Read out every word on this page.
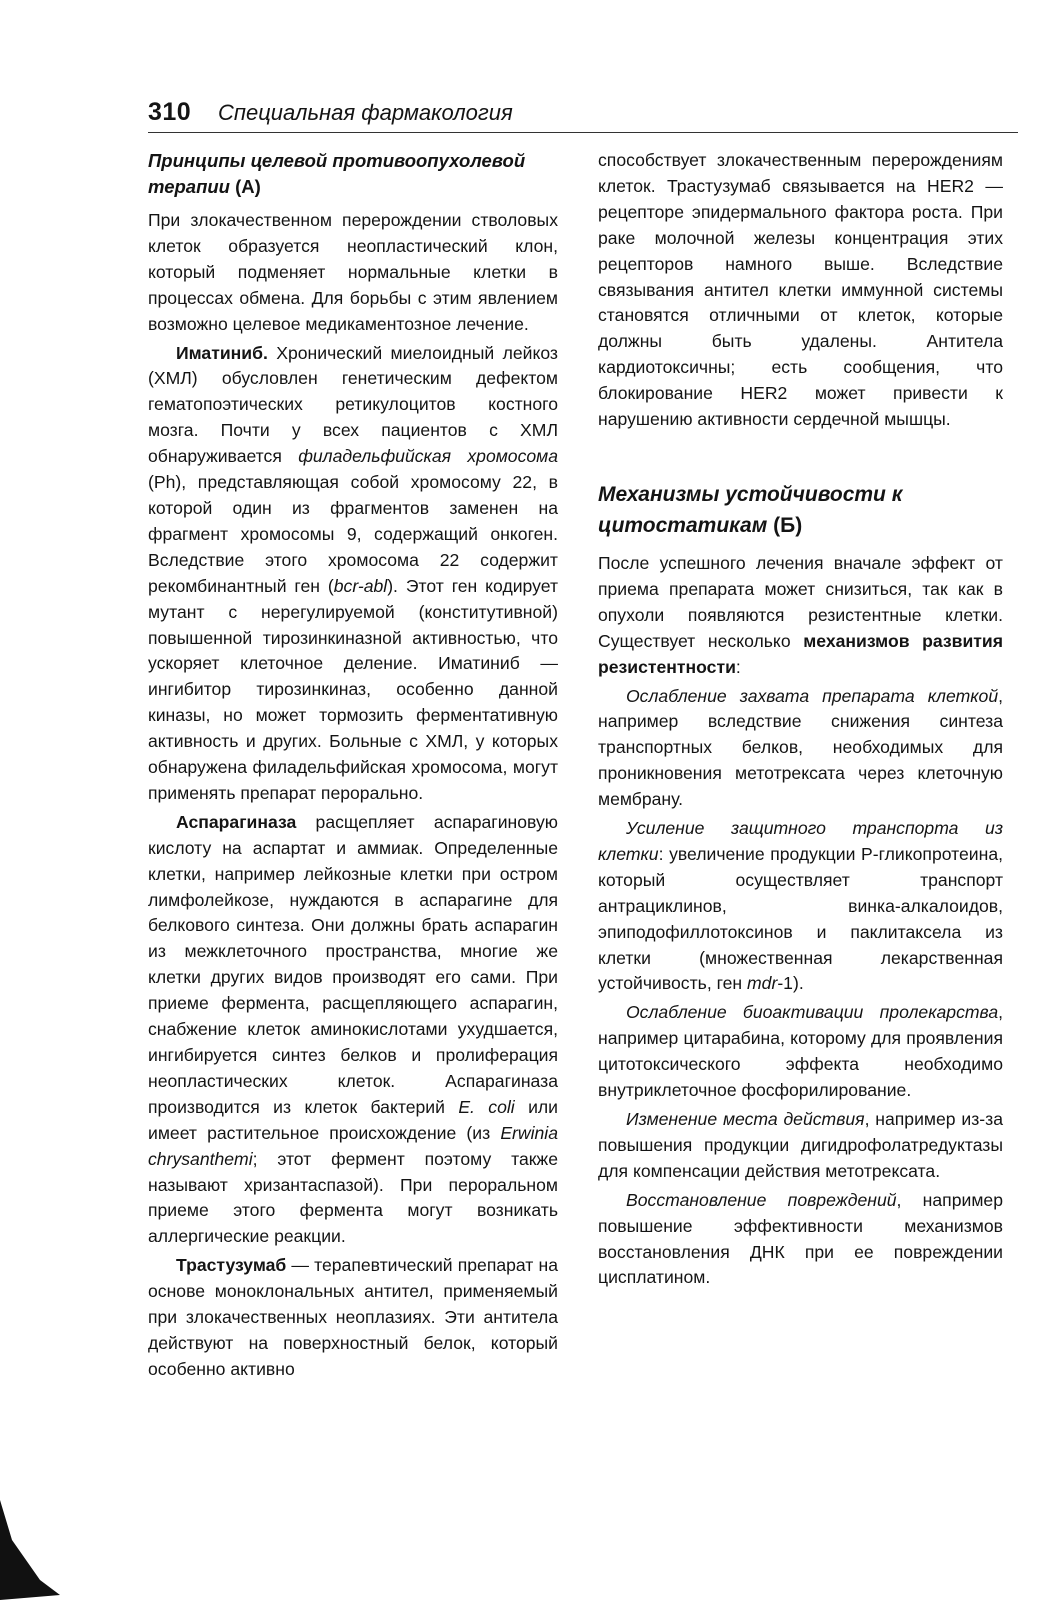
310 Специальная фармакология
Принципы целевой противоопухолевой терапии (А)

При злокачественном перерождении стволовых клеток образуется неопластический клон, который подменяет нормальные клетки в процессах обмена. Для борьбы с этим явлением возможно целевое медикаментозное лечение.

Иматиниб. Хронический миелоидный лейкоз (ХМЛ) обусловлен генетическим дефектом гематопоэтических ретикулоцитов костного мозга. Почти у всех пациентов с ХМЛ обнаруживается филадельфийская хромосома (Ph), представляющая собой хромосому 22, в которой один из фрагментов заменен на фрагмент хромосомы 9, содержащий онкоген. Вследствие этого хромосома 22 содержит рекомбинантный ген (bcr-abl). Этот ген кодирует мутант с нерегулируемой (конститутивной) повышенной тирозинкиназной активностью, что ускоряет клеточное деление. Иматиниб — ингибитор тирозинкиназ, особенно данной киназы, но может тормозить ферментативную активность и других. Больные с ХМЛ, у которых обнаружена филадельфийская хромосома, могут применять препарат перорально.

Аспарагиназа расщепляет аспарагиновую кислоту на аспартат и аммиак. Определенные клетки, например лейкозные клетки при остром лимфолейкозе, нуждаются в аспарагине для белкового синтеза. Они должны брать аспарагин из межклеточного пространства, многие же клетки других видов производят его сами. При приеме фермента, расщепляющего аспарагин, снабжение клеток аминокислотами ухудшается, ингибируется синтез белков и пролиферация неопластических клеток. Аспарагиназа производится из клеток бактерий E. coli или имеет растительное происхождение (из Erwinia chrysanthemi; этот фермент поэтому также называют хризантаспазой). При пероральном приеме этого фермента могут возникать аллергические реакции.

Трастузумаб — терапевтический препарат на основе моноклональных антител, применяемый при злокачественных неоплазиях. Эти антитела действуют на поверхностный белок, который особенно активно

способствует злокачественным перерождениям клеток. Трастузумаб связывается на HER2 — рецепторе эпидермального фактора роста. При раке молочной железы концентрация этих рецепторов намного выше. Вследствие связывания антител клетки иммунной системы становятся отличными от клеток, которые должны быть удалены. Антитела кардиотоксичны; есть сообщения, что блокирование HER2 может привести к нарушению активности сердечной мышцы.

Механизмы устойчивости к цитостатикам (Б)

После успешного лечения вначале эффект от приема препарата может снизиться, так как в опухоли появляются резистентные клетки. Существует несколько механизмов развития резистентности:

Ослабление захвата препарата клеткой, например вследствие снижения синтеза транспортных белков, необходимых для проникновения метотрексата через клеточную мембрану.

Усиление защитного транспорта из клетки: увеличение продукции Р-гликопротеина, который осуществляет транспорт антрациклинов, винка-алкалоидов, эпиподофиллотоксинов и паклитаксела из клетки (множественная лекарственная устойчивость, ген mdr-1).

Ослабление биоактивации пролекарства, например цитарабина, которому для проявления цитотоксического эффекта необходимо внутриклеточное фосфорилирование.

Изменение места действия, например из-за повышения продукции дигидрофолатредуктазы для компенсации действия метотрексата.

Восстановление повреждений, например повышение эффективности механизмов восстановления ДНК при ее повреждении цисплатином.
